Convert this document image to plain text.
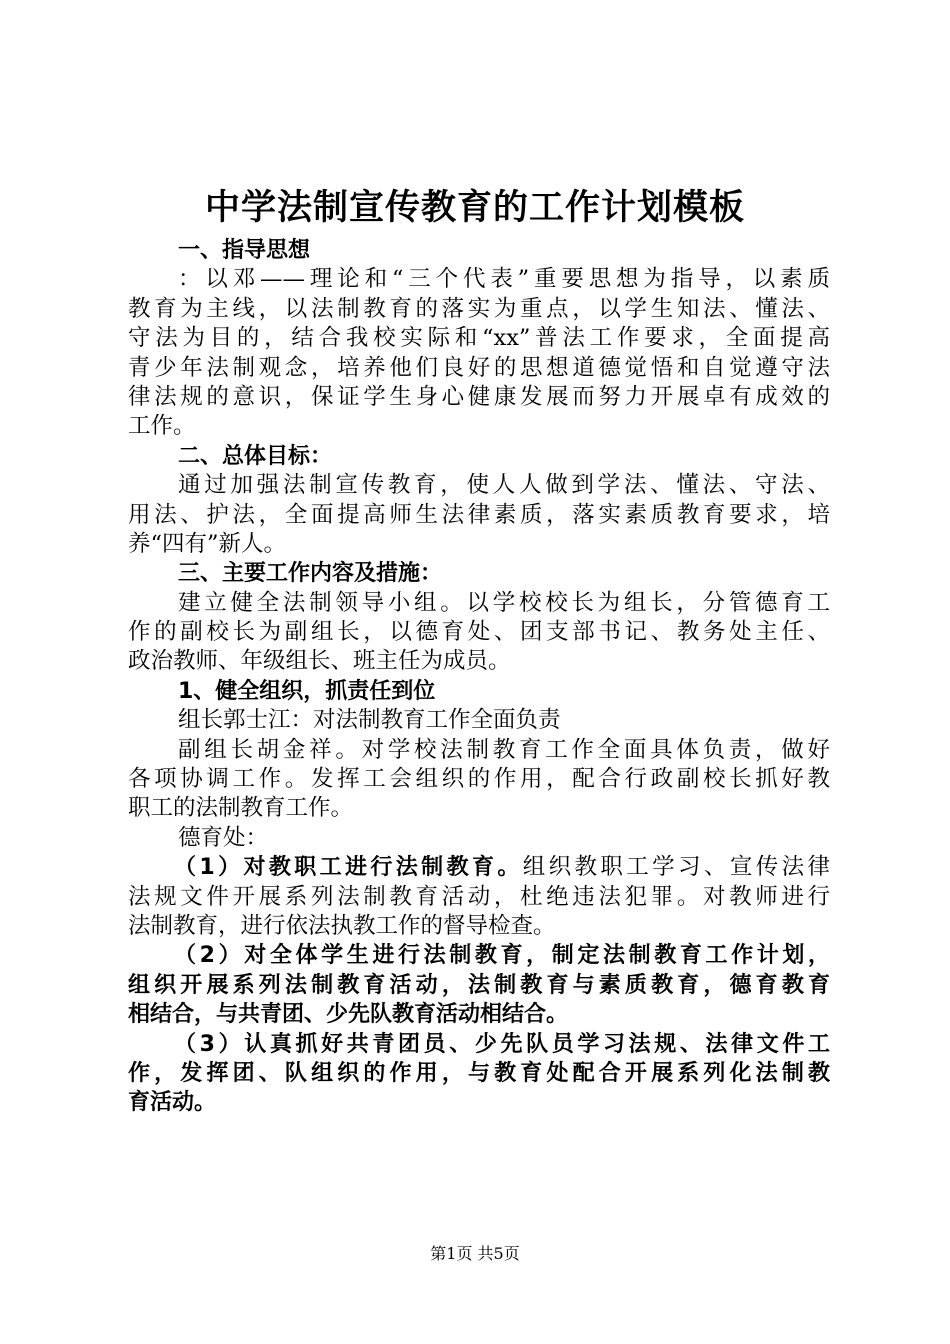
中学法制宣传教育的工作计划模板
一、指导思想
：以邓——理论和“三个代表”重要思想为指导，以素质
教育为主线，以法制教育的落实为重点，以学生知法、懂法、
守法为目的，结合我校实际和“xx”普法工作要求，全面提高
青少年法制观念，培养他们良好的思想道德觉悟和自觉遵守法
律法规的意识，保证学生身心健康发展而努力开展卓有成效的
工作。
二、总体目标：
通过加强法制宣传教育，使人人做到学法、懂法、守法、
用法、护法，全面提高师生法律素质，落实素质教育要求，培
养“四有”新人。
三、主要工作内容及措施：
建立健全法制领导小组。以学校校长为组长，分管德育工
作的副校长为副组长，以德育处、团支部书记、教务处主任、
政治教师、年级组长、班主任为成员。
1、健全组织，抓责任到位
组长郭士江：对法制教育工作全面负责
副组长胡金祥。对学校法制教育工作全面具体负责，做好
各项协调工作。发挥工会组织的作用，配合行政副校长抓好教
职工的法制教育工作。
德育处：
（1）对教职工进行法制教育。组织教职工学习、宣传法律
法规文件开展系列法制教育活动，杜绝违法犯罪。对教师进行
法制教育，进行依法执教工作的督导检查。
（2）对全体学生进行法制教育，制定法制教育工作计划，
组织开展系列法制教育活动，法制教育与素质教育，德育教育
相结合，与共青团、少先队教育活动相结合。
（3）认真抓好共青团员、少先队员学习法规、法律文件工
作，发挥团、队组织的作用，与教育处配合开展系列化法制教
育活动。
第1页 共5页
